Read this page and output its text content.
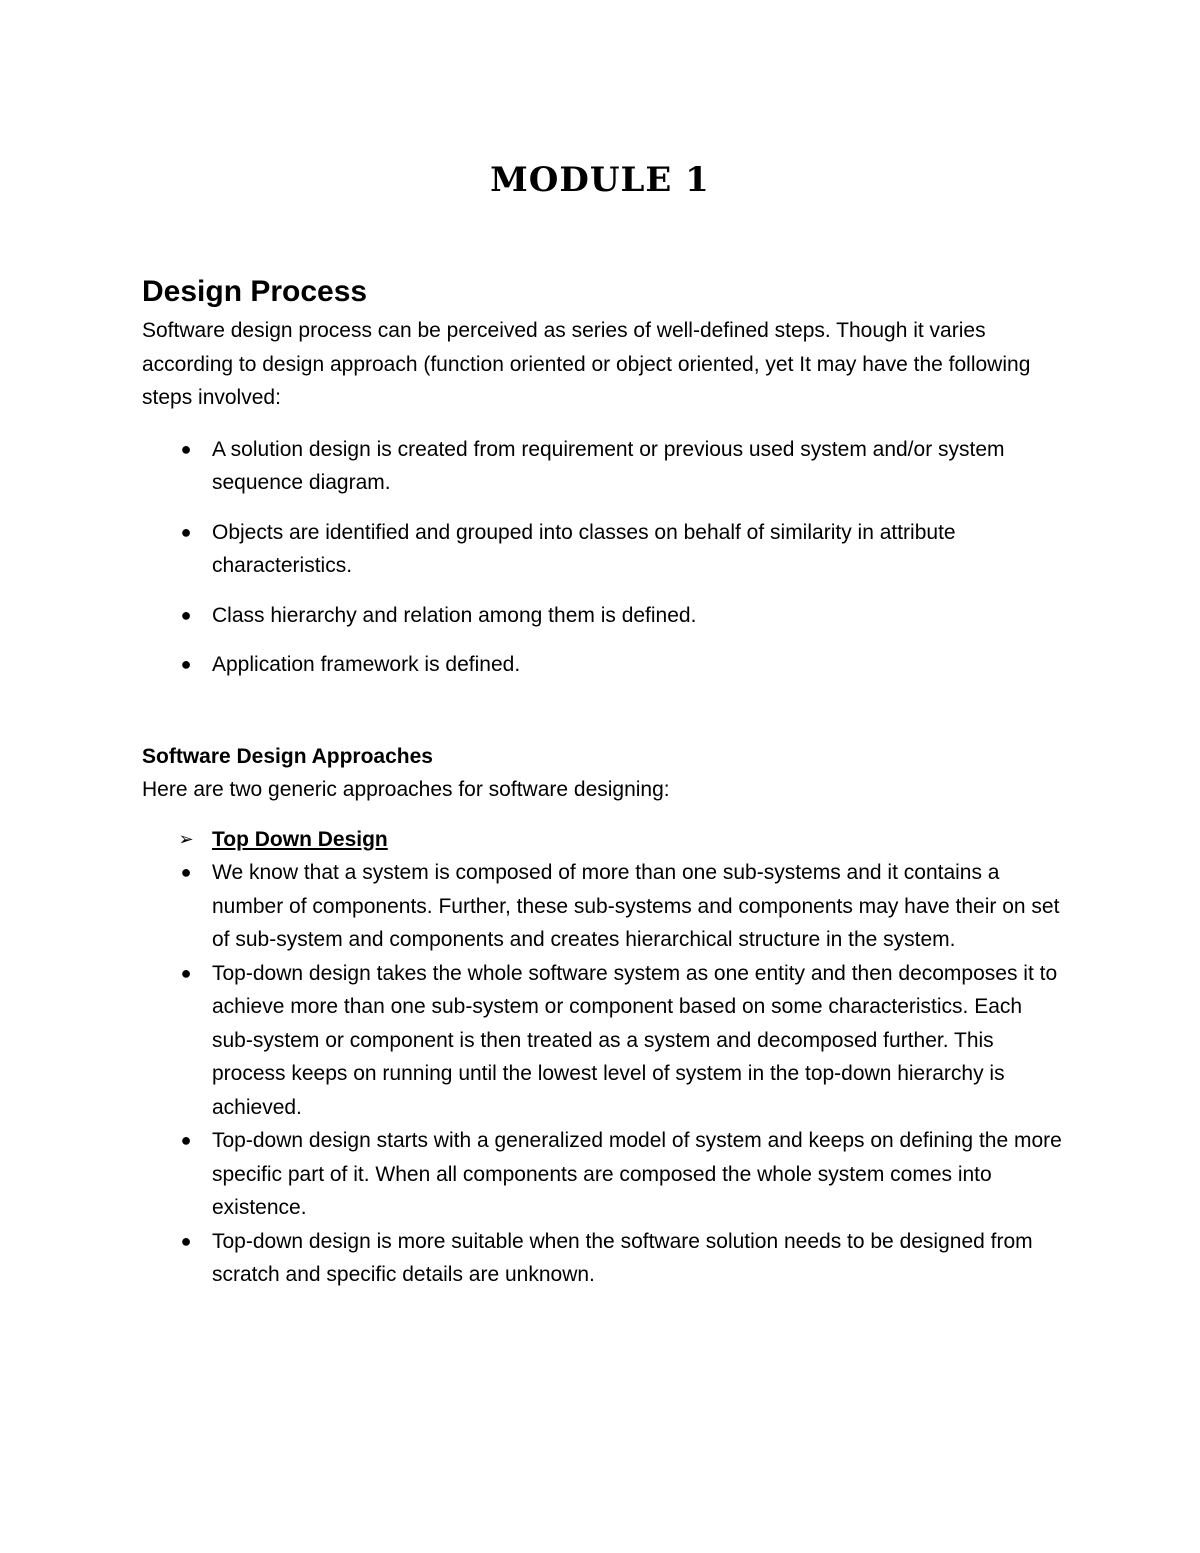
MODULE 1
Design Process

Software design process can be perceived as series of well-defined steps. Though it varies according to design approach (function oriented or object oriented, yet It may have the following steps involved:

● A solution design is created from requirement or previous used system and/or system sequence diagram.
● Objects are identified and grouped into classes on behalf of similarity in attribute characteristics.
● Class hierarchy and relation among them is defined.
● Application framework is defined.
Software Design Approaches

Here are two generic approaches for software designing:

➢ Top Down Design
● We know that a system is composed of more than one sub-systems and it contains a number of components. Further, these sub-systems and components may have their on set of sub-system and components and creates hierarchical structure in the system.
● Top-down design takes the whole software system as one entity and then decomposes it to achieve more than one sub-system or component based on some characteristics. Each sub-system or component is then treated as a system and decomposed further. This process keeps on running until the lowest level of system in the top-down hierarchy is achieved.
● Top-down design starts with a generalized model of system and keeps on defining the more specific part of it. When all components are composed the whole system comes into existence.
● Top-down design is more suitable when the software solution needs to be designed from scratch and specific details are unknown.
